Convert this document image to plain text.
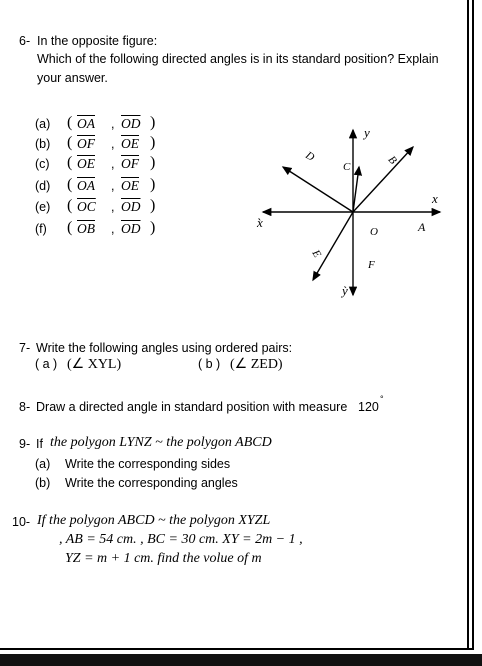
6- In the opposite figure:
Which of the following directed angles is in its standard position? Explain
your answer.
(a) ( $\overline{OA}$ , $\overline{OD}$ )
(b) ( $\overline{OF}$ , $\overline{OE}$ )
(c) ( $\overline{OE}$ , $\overline{OF}$ )
(d) ( $\overline{OA}$ , $\overline{OE}$ )
(e) ( $\overline{OC}$ , $\overline{OD}$ )
(f) ( $\overline{OB}$ , $\overline{OD}$ )
y
x
x̀
ỳ
A
B
C
D
E
F
O
7- Write the following angles using ordered pairs:
( a ) (∠ XYL)	( b ) (∠ ZED)
8- Draw a directed angle in standard position with measure 120
°
9- If the polygon LYNZ ~ the polygon ABCD
(a) Write the corresponding sides
(b) Write the corresponding angles
10- If the polygon ABCD ~ the polygon XYZL
, AB = 54 cm. , BC = 30 cm. XY = 2m − 1 ,
YZ = m + 1 cm. find the voluе of m
